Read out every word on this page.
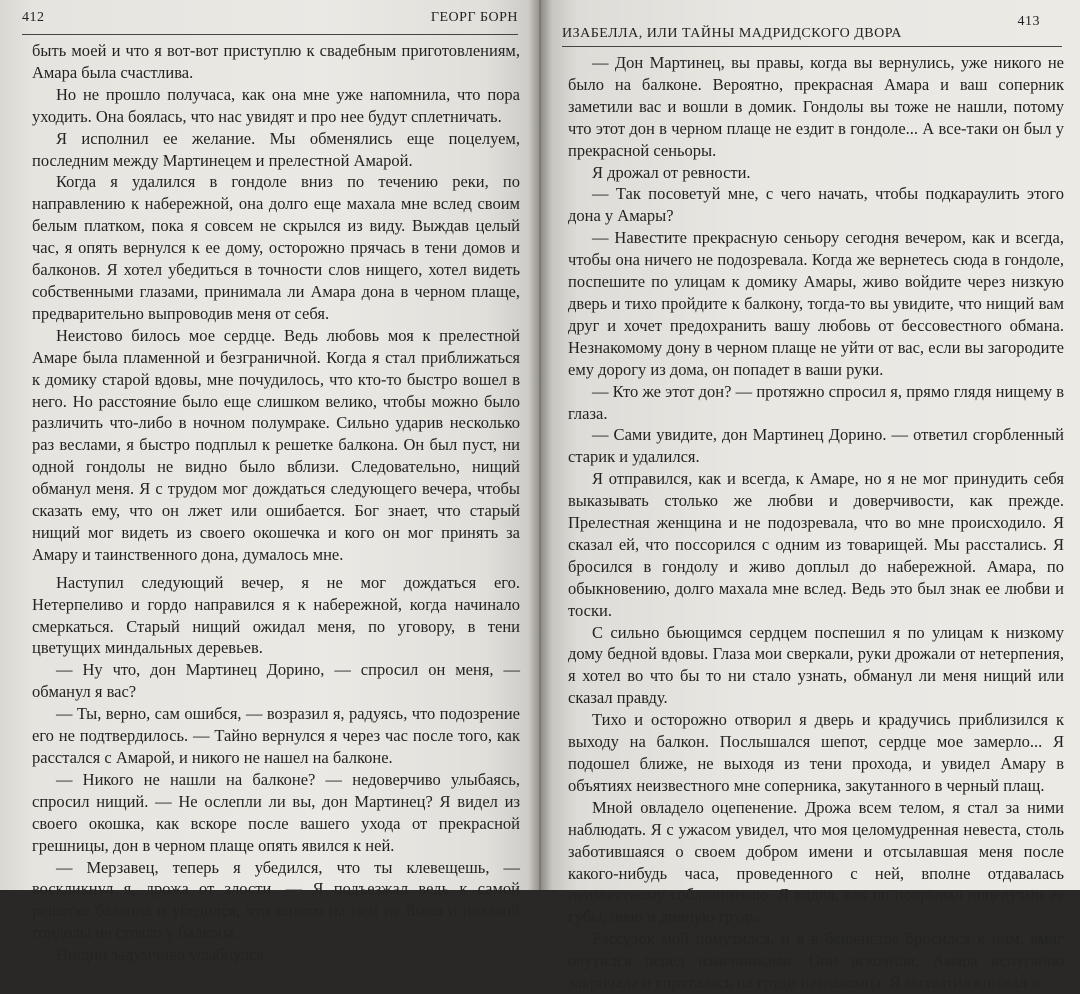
412	ГЕОРГ БОРН

быть моей и что я вот-вот приступлю к свадебным приготовлениям, Амара была счастлива.

Но не прошло получаса, как она мне уже напомнила, что пора уходить. Она боялась, что нас увидят и про нее будут сплетничать.

Я исполнил ее желание. Мы обменялись еще поцелуем, последним между Мартинецем и прелестной Амарой.

Когда я удалился в гондоле вниз по течению реки, по направлению к набережной, она долго еще махала мне вслед своим белым платком, пока я совсем не скрылся из виду. Выждав целый час, я опять вернулся к ее дому, осторожно прячась в тени домов и балконов. Я хотел убедиться в точности слов нищего, хотел видеть собственными глазами, принимала ли Амара дона в черном плаще, предварительно выпроводив меня от себя.

Неистово билось мое сердце. Ведь любовь моя к прелестной Амаре была пламенной и безграничной. Когда я стал приближаться к домику старой вдовы, мне почудилось, что кто-то быстро вошел в него. Но расстояние было еще слишком велико, чтобы можно было различить что-либо в ночном полумраке. Сильно ударив несколько раз веслами, я быстро подплыл к решетке балкона. Он был пуст, ни одной гондолы не видно было вблизи. Следовательно, нищий обманул меня. Я с трудом мог дождаться следующего вечера, чтобы сказать ему, что он лжет или ошибается. Бог знает, что старый нищий мог видеть из своего окошечка и кого он мог принять за Амару и таинственного дона, думалось мне.

Наступил следующий вечер, я не мог дождаться его. Нетерпеливо и гордо направился я к набережной, когда начинало смеркаться. Старый нищий ожидал меня, по уговору, в тени цветущих миндальных деревьев.

— Ну что, дон Мартинец Дорино, — спросил он меня, — обманул я вас?

— Ты, верно, сам ошибся, — возразил я, радуясь, что подозрение его не подтвердилось. — Тайно вернулся я через час после того, как расстался с Амарой, и никого не нашел на балконе.

— Никого не нашли на балконе? — недоверчиво улыбаясь, спросил нищий. — Не ослепли ли вы, дон Мартинец? Я видел из своего окошка, как вскоре после вашего ухода от прекрасной грешницы, дон в черном плаще опять явился к ней.

— Мерзавец, теперь я убедился, что ты клевещешь, — воскликнул я, дрожа от злости. — Я подъезжал ведь к самой решетке балкона и убедился, что никого на нем не было и никакой гондолы не стояло у балкона.

Нищий задумчиво улыбнулся.

ИЗАБЕЛЛА, ИЛИ ТАЙНЫ МАДРИДСКОГО ДВОРА
413

— Дон Мартинец, вы правы, когда вы вернулись, уже никого не было на балконе. Вероятно, прекрасная Амара и ваш соперник заметили вас и вошли в домик. Гондолы вы тоже не нашли, потому что этот дон в черном плаще не ездит в гондоле... А все-таки он был у прекрасной сеньоры.

Я дрожал от ревности.

— Так посоветуй мне, с чего начать, чтобы подкараулить этого дона у Амары?

— Навестите прекрасную сеньору сегодня вечером, как и всегда, чтобы она ничего не подозревала. Когда же вернетесь сюда в гондоле, поспешите по улицам к домику Амары, живо войдите через низкую дверь и тихо пройдите к балкону, тогда-то вы увидите, что нищий вам друг и хочет предохранить вашу любовь от бессовестного обмана. Незнакомому дону в черном плаще не уйти от вас, если вы загородите ему дорогу из дома, он попадет в ваши руки.

— Кто же этот дон? — протяжно спросил я, прямо глядя нищему в глаза.

— Сами увидите, дон Мартинец Дорино. — ответил сгорбленный старик и удалился.

Я отправился, как и всегда, к Амаре, но я не мог принудить себя выказывать столько же любви и доверчивости, как прежде. Прелестная женщина и не подозревала, что во мне происходило. Я сказал ей, что поссорился с одним из товарищей. Мы расстались. Я бросился в гондолу и живо доплыл до набережной. Амара, по обыкновению, долго махала мне вслед. Ведь это был знак ее любви и тоски.

С сильно бьющимся сердцем поспешил я по улицам к низкому дому бедной вдовы. Глаза мои сверкали, руки дрожали от нетерпения, я хотел во что бы то ни стало узнать, обманул ли меня нищий или сказал правду.

Тихо и осторожно отворил я дверь и крадучись приблизился к выходу на балкон. Послышался шепот, сердце мое замерло... Я подошел ближе, не выходя из тени прохода, и увидел Амару в объятиях неизвестного мне соперника, закутанного в черный плащ.

Мной овладело оцепенение. Дрожа всем телом, я стал за ними наблюдать. Я с ужасом увидел, что моя целомудренная невеста, столь заботившаяся о своем добром имени и отсылавшая меня после какого-нибудь часа, проведенного с ней, вполне отдавалась неизвестному соблазнителю. Я видел, как он покрывал поцелуями ее губы, шею и дивную грудь.

Рассудок мой помутился, и я в бешенстве бросился к ним, вмиг очутился перед изменниками. Они вскочили, Амара испуганно закричала и спряталась на груди незнакомца. Я выхватил кинжал и
